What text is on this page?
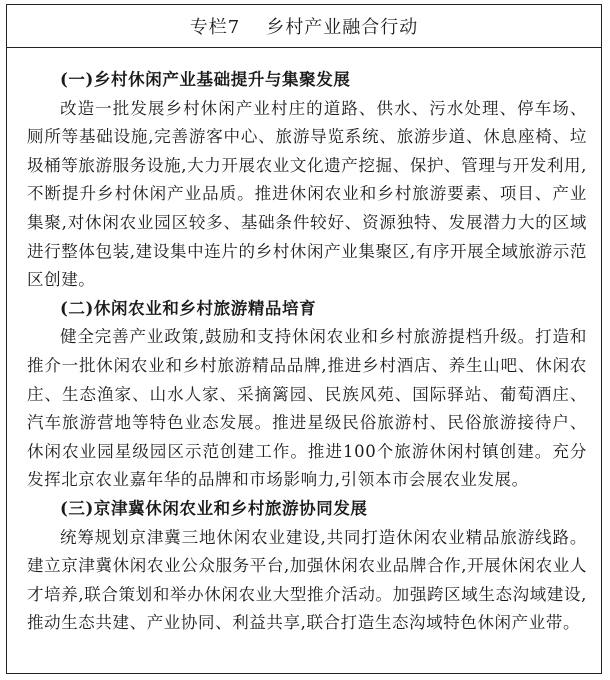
专栏7 乡村产业融合行动

(一)乡村休闲产业基础提升与集聚发展

改造一批发展乡村休闲产业村庄的道路、供水、污水处理、停车场、厕所等基础设施,完善游客中心、旅游导览系统、旅游步道、休息座椅、垃圾桶等旅游服务设施,大力开展农业文化遗产挖掘、保护、管理与开发利用,不断提升乡村休闲产业品质。推进休闲农业和乡村旅游要素、项目、产业集聚,对休闲农业园区较多、基础条件较好、资源独特、发展潜力大的区域进行整体包装,建设集中连片的乡村休闲产业集聚区,有序开展全域旅游示范区创建。

(二)休闲农业和乡村旅游精品培育

健全完善产业政策,鼓励和支持休闲农业和乡村旅游提档升级。打造和推介一批休闲农业和乡村旅游精品品牌,推进乡村酒店、养生山吧、休闲农庄、生态渔家、山水人家、采摘篱园、民族风苑、国际驿站、葡萄酒庄、汽车旅游营地等特色业态发展。推进星级民俗旅游村、民俗旅游接待户、休闲农业园星级园区示范创建工作。推进100个旅游休闲村镇创建。充分发挥北京农业嘉年华的品牌和市场影响力,引领本市会展农业发展。

(三)京津冀休闲农业和乡村旅游协同发展

统筹规划京津冀三地休闲农业建设,共同打造休闲农业精品旅游线路。建立京津冀休闲农业公众服务平台,加强休闲农业品牌合作,开展休闲农业人才培养,联合策划和举办休闲农业大型推介活动。加强跨区域生态沟域建设,推动生态共建、产业协同、利益共享,联合打造生态沟域特色休闲产业带。
